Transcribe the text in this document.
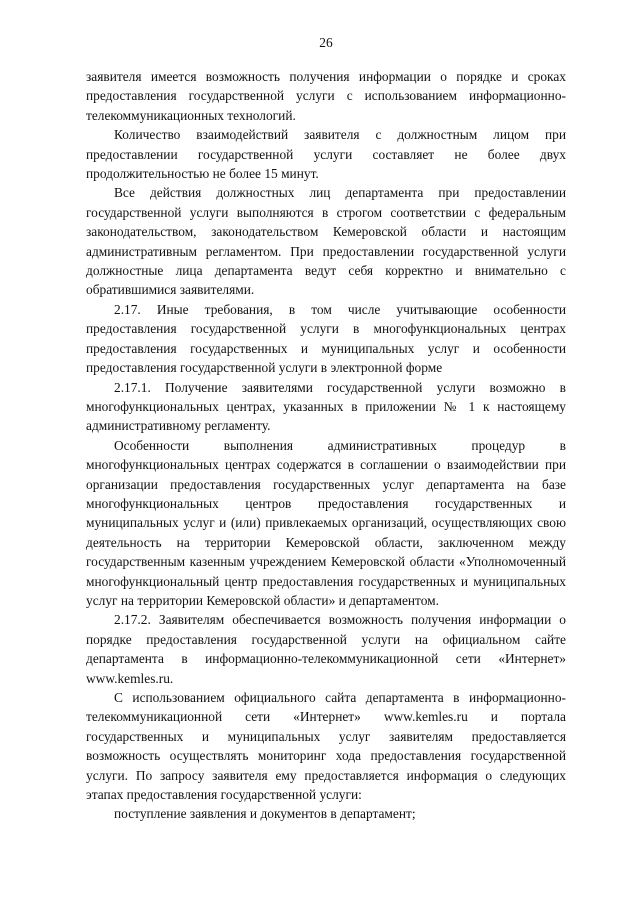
26

заявителя имеется возможность получения информации о порядке и сроках предоставления государственной услуги с использованием информационно-телекоммуникационных технологий.

Количество взаимодействий заявителя с должностным лицом при предоставлении государственной услуги составляет не более двух продолжительностью не более 15 минут.

Все действия должностных лиц департамента при предоставлении государственной услуги выполняются в строгом соответствии с федеральным законодательством, законодательством Кемеровской области и настоящим административным регламентом. При предоставлении государственной услуги должностные лица департамента ведут себя корректно и внимательно с обратившимися заявителями.

2.17. Иные требования, в том числе учитывающие особенности предоставления государственной услуги в многофункциональных центрах предоставления государственных и муниципальных услуг и особенности предоставления государственной услуги в электронной форме

2.17.1. Получение заявителями государственной услуги возможно в многофункциональных центрах, указанных в приложении № 1 к настоящему административному регламенту.

Особенности выполнения административных процедур в многофункциональных центрах содержатся в соглашении о взаимодействии при организации предоставления государственных услуг департамента на базе многофункциональных центров предоставления государственных и муниципальных услуг и (или) привлекаемых организаций, осуществляющих свою деятельность на территории Кемеровской области, заключенном между государственным казенным учреждением Кемеровской области «Уполномоченный многофункциональный центр предоставления государственных и муниципальных услуг на территории Кемеровской области» и департаментом.

2.17.2. Заявителям обеспечивается возможность получения информации о порядке предоставления государственной услуги на официальном сайте департамента в информационно-телекоммуникационной сети «Интернет» www.kemles.ru.

С использованием официального сайта департамента в информационно-телекоммуникационной сети «Интернет» www.kemles.ru и портала государственных и муниципальных услуг заявителям предоставляется возможность осуществлять мониторинг хода предоставления государственной услуги. По запросу заявителя ему предоставляется информация о следующих этапах предоставления государственной услуги:

поступление заявления и документов в департамент;
